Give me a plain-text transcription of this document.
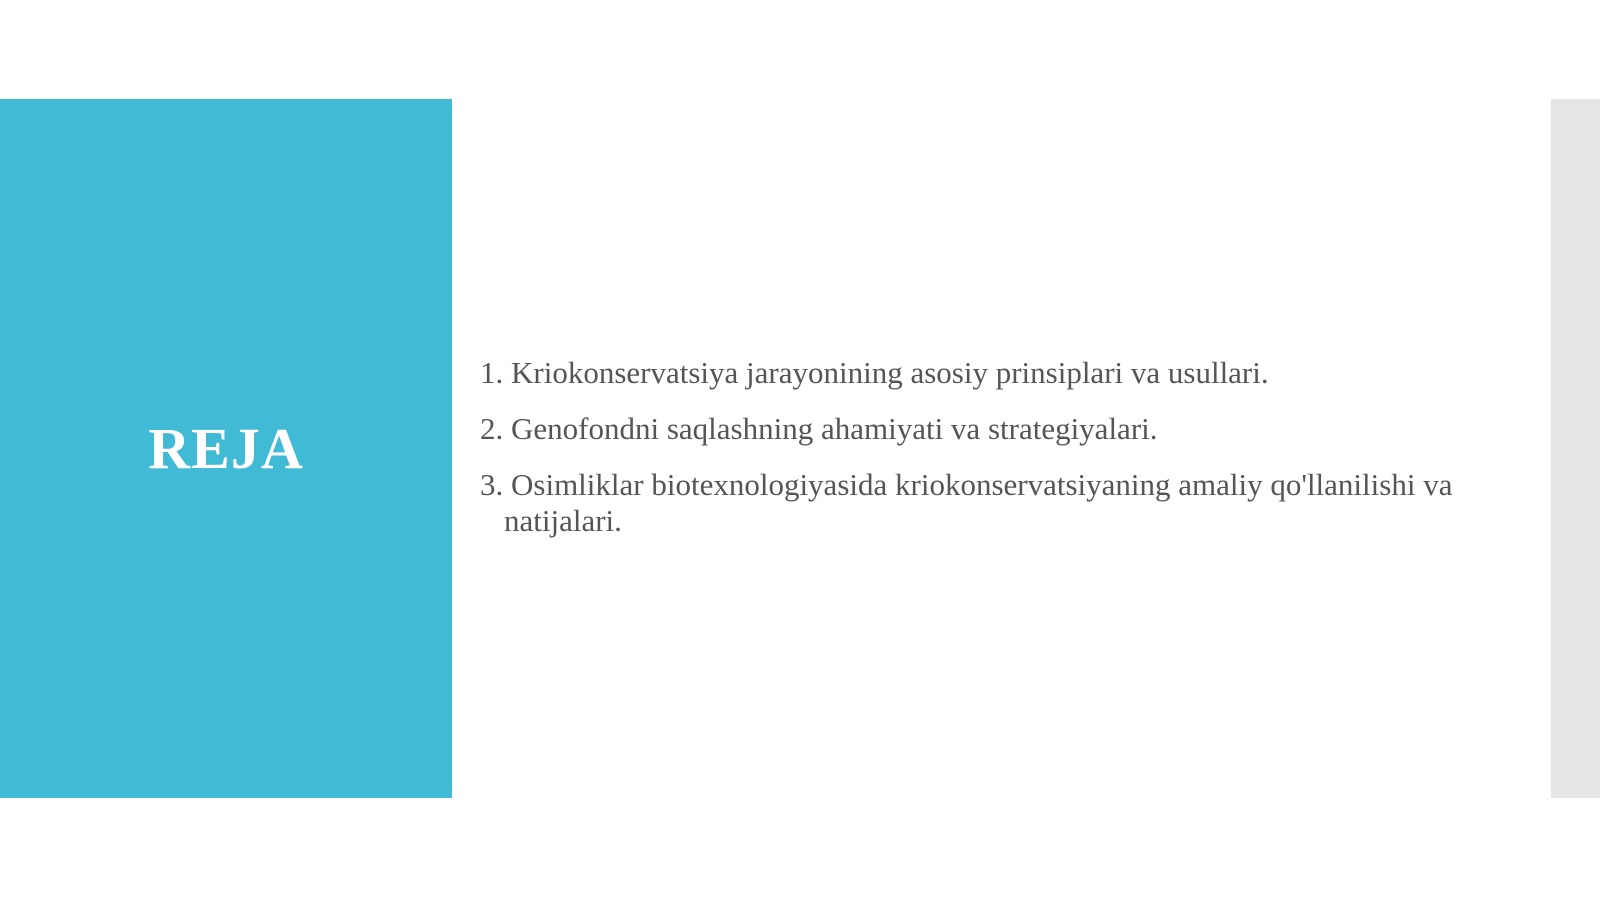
REJA
1. Kriokonservatsiya jarayonining asosiy prinsiplari va usullari.
2. Genofondni saqlashning ahamiyati va strategiyalari.
3. Osimliklar biotexnologiyasida kriokonservatsiyaning amaliy qo'llanilishi va natijalari.
